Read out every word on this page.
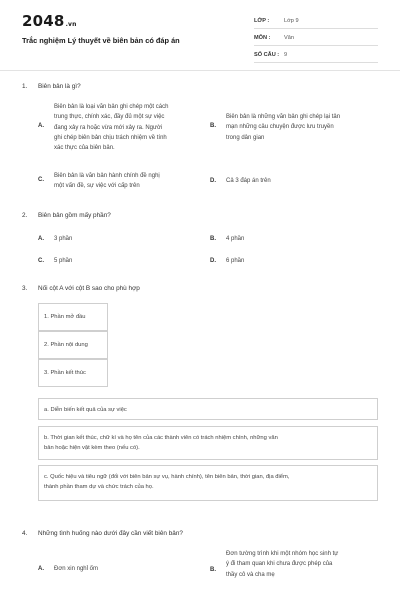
2048.vn
Trắc nghiệm Lý thuyết về biên bản có đáp án
LỚP :	Lớp 9
MÔN : Văn
SỐ CÂU : 9
1. Biên bản là gì?
A.
Biên bản là loại văn bản ghi chép một cách
trung thực, chính xác, đầy đủ một sự việc
đang xảy ra hoặc vừa mới xảy ra. Người
ghi chép biên bản chịu trách nhiệm về tính
xác thực của biên bản.
B.
Biên bản là những văn bản ghi chép lại tản
mạn những câu chuyện được lưu truyền
trong dân gian
C.
Biên bản là văn bản hành chính đề nghị
một vấn đề, sự việc với cấp trên
D. Cả 3 đáp án trên
2. Biên bản gồm mấy phần?
A. 3 phần	B. 4 phần
C. 5 phần	D. 6 phần
3. Nối cột A với cột B sao cho phù hợp
1. Phần mở đầu
2. Phần nội dung
3. Phần kết thúc
a. Diễn biến kết quả của sự việc
b. Thời gian kết thúc, chữ kí và họ tên của các thành viên có trách nhiệm chính, những văn
bản hoặc hiện vật kèm theo (nếu có).
c. Quốc hiệu và tiêu ngữ (đối với biên bản sự vụ, hành chính), tên biên bản, thời gian, địa điểm,
thành phần tham dự và chức trách của họ.
4. Những tình huống nào dưới đây cần viết biên bản?
A. Đơn xin nghỉ ốm	B.
Đơn tường trình khi một nhóm học sinh tự
ý đi tham quan khi chưa được phép của
thầy cô và cha mẹ
